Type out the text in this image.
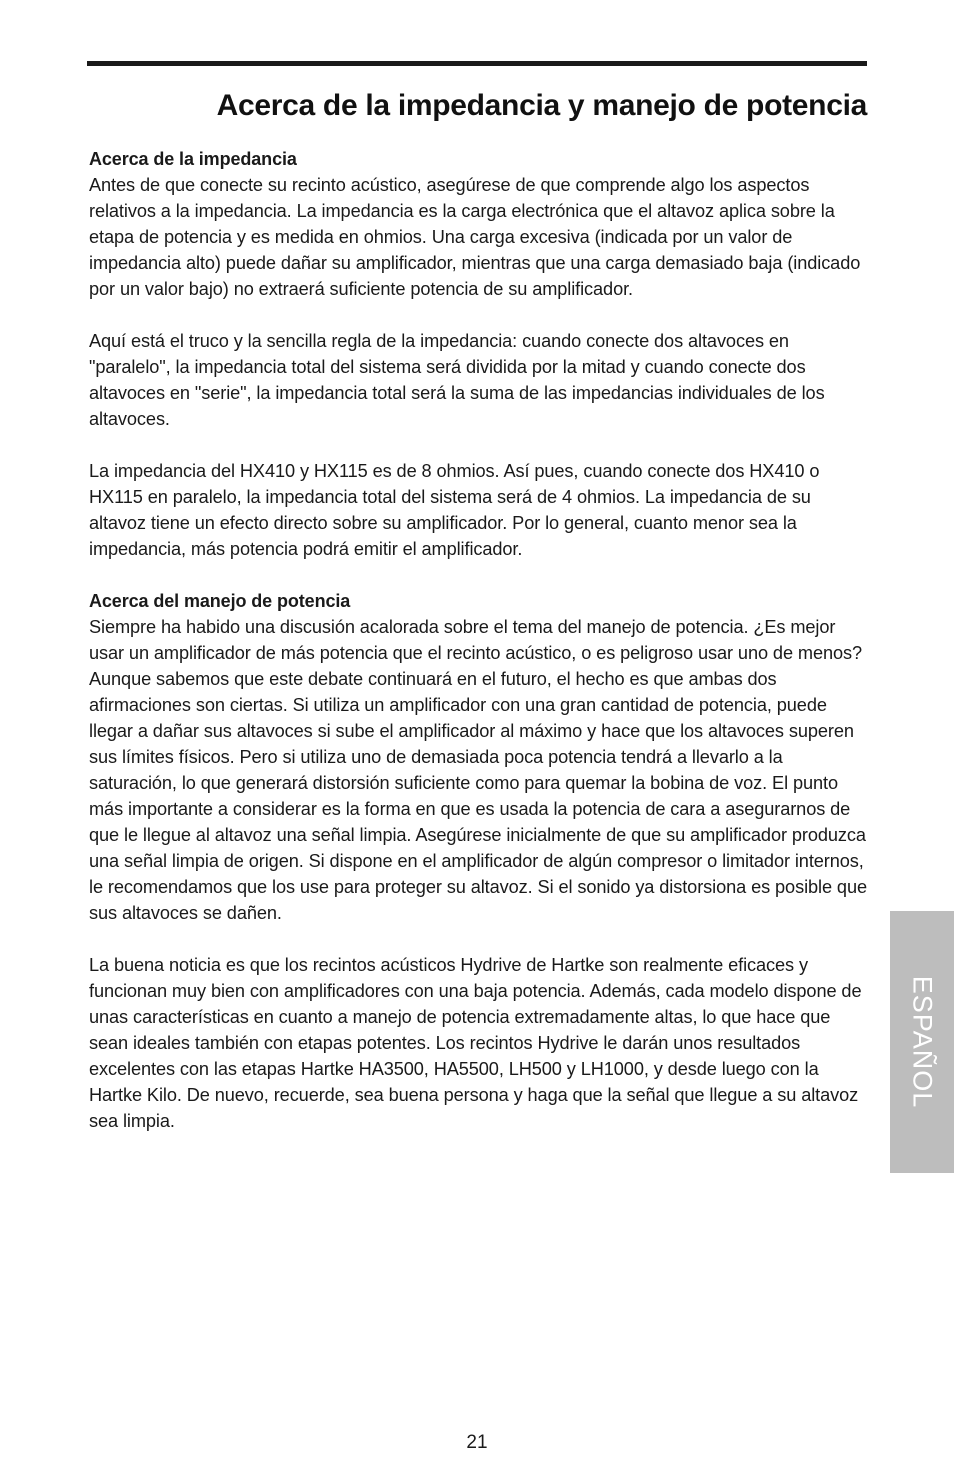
Acerca de la impedancia y manejo de potencia
Acerca de la impedancia

Antes de que conecte su recinto acústico, asegúrese de que comprende algo los aspectos relativos a la impedancia. La impedancia es la carga electrónica que el altavoz aplica sobre la etapa de potencia y es medida en ohmios. Una carga excesiva (indicada por un valor de impedancia alto) puede dañar su amplificador, mientras que una carga demasiado baja (indicado por un valor bajo) no extraerá suficiente potencia de su amplificador.

Aquí está el truco y la sencilla regla de la impedancia: cuando conecte dos altavoces en "paralelo", la impedancia total del sistema será dividida por la mitad y cuando conecte dos altavoces en "serie", la impedancia total será la suma de las impedancias individuales de los altavoces.

La impedancia del HX410 y HX115 es de 8 ohmios. Así pues, cuando conecte dos HX410 o HX115 en paralelo, la impedancia total del sistema será de 4 ohmios. La impedancia de su altavoz tiene un efecto directo sobre su amplificador. Por lo general, cuanto menor sea la impedancia, más potencia podrá emitir el amplificador.

Acerca del manejo de potencia

Siempre ha habido una discusión acalorada sobre el tema del manejo de potencia. ¿Es mejor usar un amplificador de más potencia que el recinto acústico, o es peligroso usar uno de menos? Aunque sabemos que este debate continuará en el futuro, el hecho es que ambas dos afirmaciones son ciertas. Si utiliza un amplificador con una gran cantidad de potencia, puede llegar a dañar sus altavoces si sube el amplificador al máximo y hace que los altavoces superen sus límites físicos. Pero si utiliza uno de demasiada poca potencia tendrá a llevarlo a la saturación, lo que generará distorsión suficiente como para quemar la bobina de voz. El punto más importante a considerar es la forma en que es usada la potencia de cara a asegurarnos de que le llegue al altavoz una señal limpia. Asegúrese inicialmente de que su amplificador produzca una señal limpia de origen. Si dispone en el amplificador de algún compresor o limitador internos, le recomendamos que los use para proteger su altavoz. Si el sonido ya distorsiona es posible que sus altavoces se dañen.

La buena noticia es que los recintos acústicos Hydrive de Hartke son realmente eficaces y funcionan muy bien con amplificadores con una baja potencia. Además, cada modelo dispone de unas características en cuanto a manejo de potencia extremadamente altas, lo que hace que sean ideales también con etapas potentes. Los recintos Hydrive le darán unos resultados excelentes con las etapas Hartke HA3500, HA5500, LH500 y LH1000, y desde luego con la Hartke Kilo. De nuevo, recuerde, sea buena persona y haga que la señal que llegue a su altavoz sea limpia.

ESPAÑOL
21
